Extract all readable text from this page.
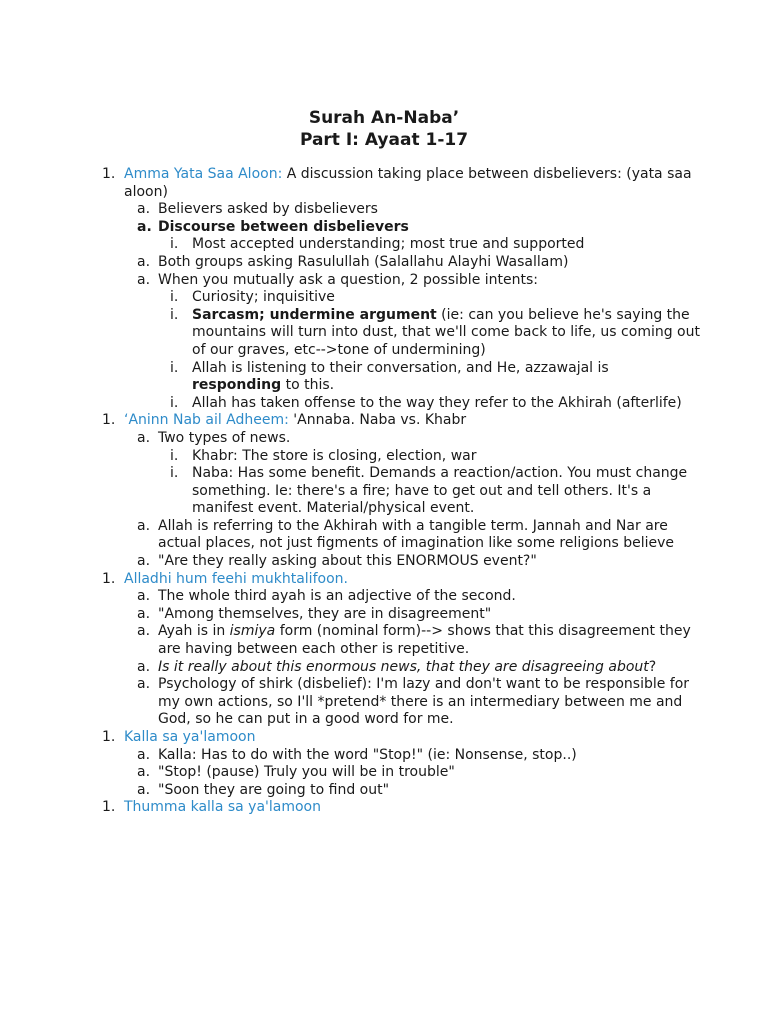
Surah An-Naba’
Part I: Ayaat 1-17
1. Amma Yata Saa Aloon: A discussion taking place between disbelievers: (yata saa aloon)
a. Believers asked by disbelievers
a. Discourse between disbelievers
i. Most accepted understanding; most true and supported
a. Both groups asking Rasulullah (Salallahu Alayhi Wasallam)
a. When you mutually ask a question, 2 possible intents:
i. Curiosity; inquisitive
i. Sarcasm; undermine argument (ie: can you believe he's saying the mountains will turn into dust, that we'll come back to life, us coming out of our graves, etc-->tone of undermining)
i. Allah is listening to their conversation, and He, azzawajal is responding to this.
i. Allah has taken offense to the way they refer to the Akhirah (afterlife)
1. ‘Aninn Nab ail Adheem: 'Annaba. Naba vs. Khabr
a. Two types of news.
i. Khabr: The store is closing, election, war
i. Naba: Has some benefit. Demands a reaction/action. You must change something. Ie: there's a fire; have to get out and tell others. It's a manifest event. Material/physical event.
a. Allah is referring to the Akhirah with a tangible term. Jannah and Nar are actual places, not just figments of imagination like some religions believe
a. "Are they really asking about this ENORMOUS event?"
1. Alladhi hum feehi mukhtalifoon.
a. The whole third ayah is an adjective of the second.
a. "Among themselves, they are in disagreement"
a. Ayah is in ismiya form (nominal form)--> shows that this disagreement they are having between each other is repetitive.
a. Is it really about this enormous news, that they are disagreeing about?
a. Psychology of shirk (disbelief): I'm lazy and don't want to be responsible for my own actions, so I'll *pretend* there is an intermediary between me and God, so he can put in a good word for me.
1. Kalla sa ya'lamoon
a. Kalla: Has to do with the word "Stop!" (ie: Nonsense, stop..)
a. "Stop! (pause) Truly you will be in trouble"
a. "Soon they are going to find out"
1. Thumma kalla sa ya'lamoon
